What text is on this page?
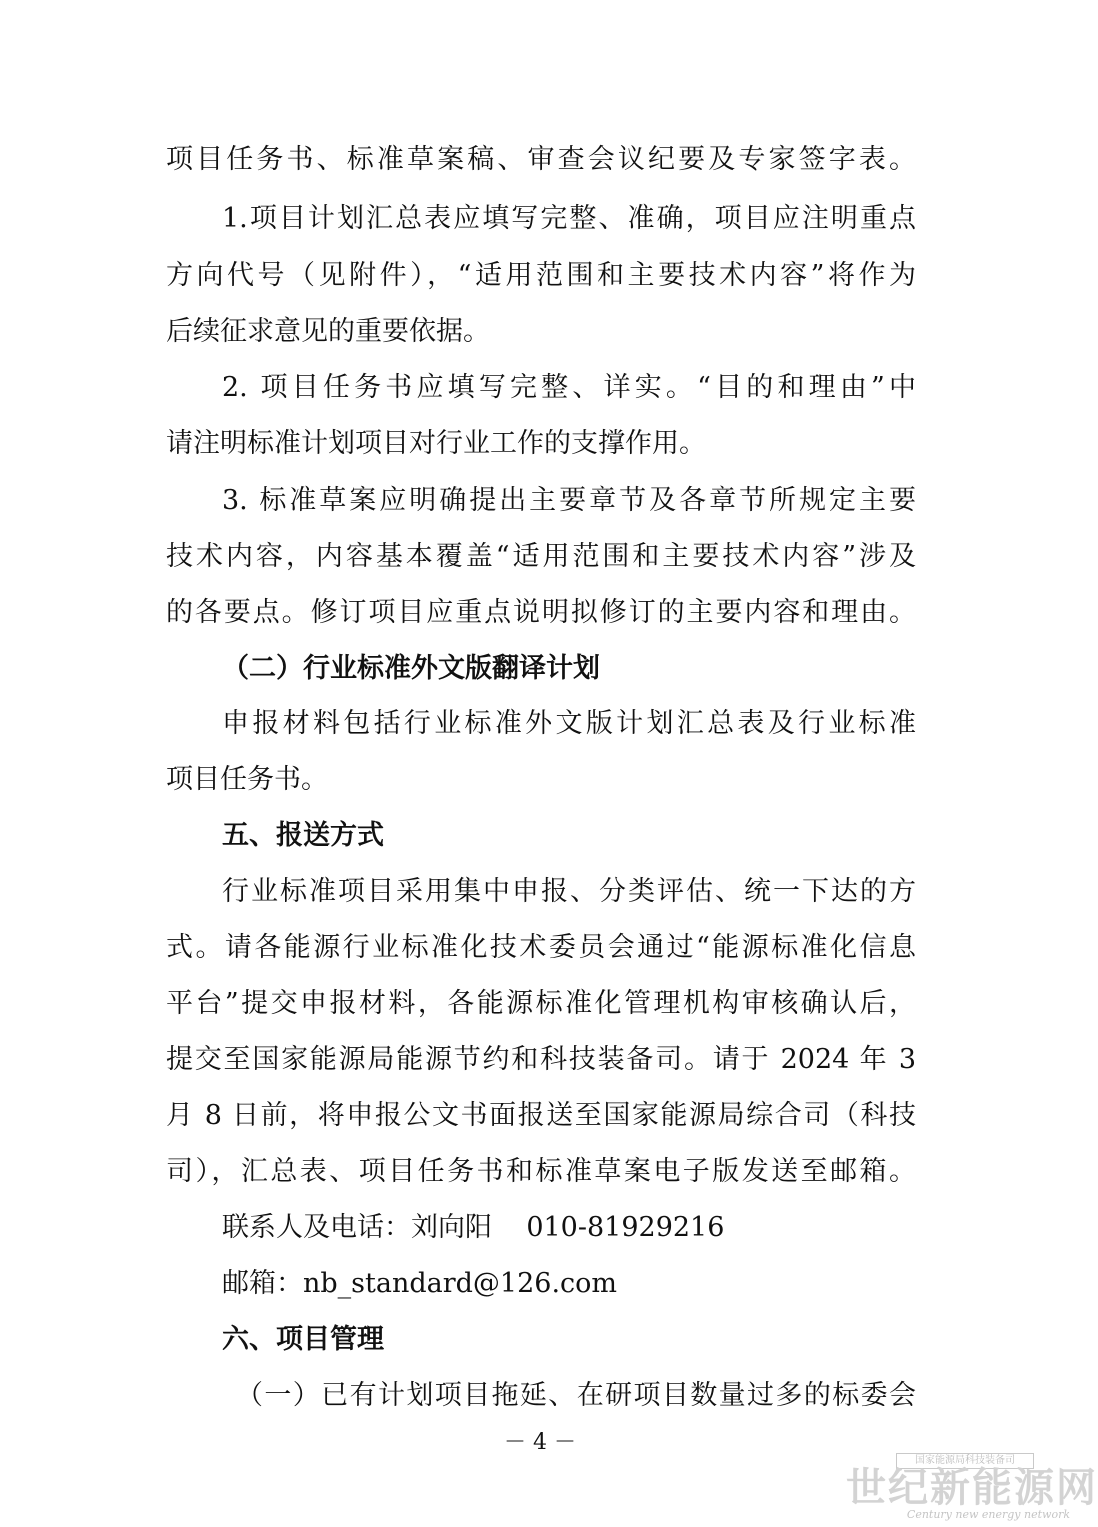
项目任务书、标准草案稿、审查会议纪要及专家签字表。
1.项目计划汇总表应填写完整、准确，项目应注明重点
方向代号（见附件），“适用范围和主要技术内容”将作为
后续征求意见的重要依据。
2. 项目任务书应填写完整、详实。“目的和理由”中
请注明标准计划项目对行业工作的支撑作用。
3. 标准草案应明确提出主要章节及各章节所规定主要
技术内容，内容基本覆盖“适用范围和主要技术内容”涉及
的各要点。修订项目应重点说明拟修订的主要内容和理由。
（二）行业标准外文版翻译计划
申报材料包括行业标准外文版计划汇总表及行业标准
项目任务书。
五、报送方式
行业标准项目采用集中申报、分类评估、统一下达的方
式。请各能源行业标准化技术委员会通过“能源标准化信息
平台”提交申报材料，各能源标准化管理机构审核确认后，
提交至国家能源局能源节约和科技装备司。请于 2024 年 3
月 8 日前，将申报公文书面报送至国家能源局综合司（科技
司），汇总表、项目任务书和标准草案电子版发送至邮箱。
联系人及电话：刘向阳    010-81929216
邮箱：nb_standard@126.com
六、项目管理
（一）已有计划项目拖延、在研项目数量过多的标委会
－ 4 －
国家能源局科技装备司
世纪新能源网
Century new energy network
